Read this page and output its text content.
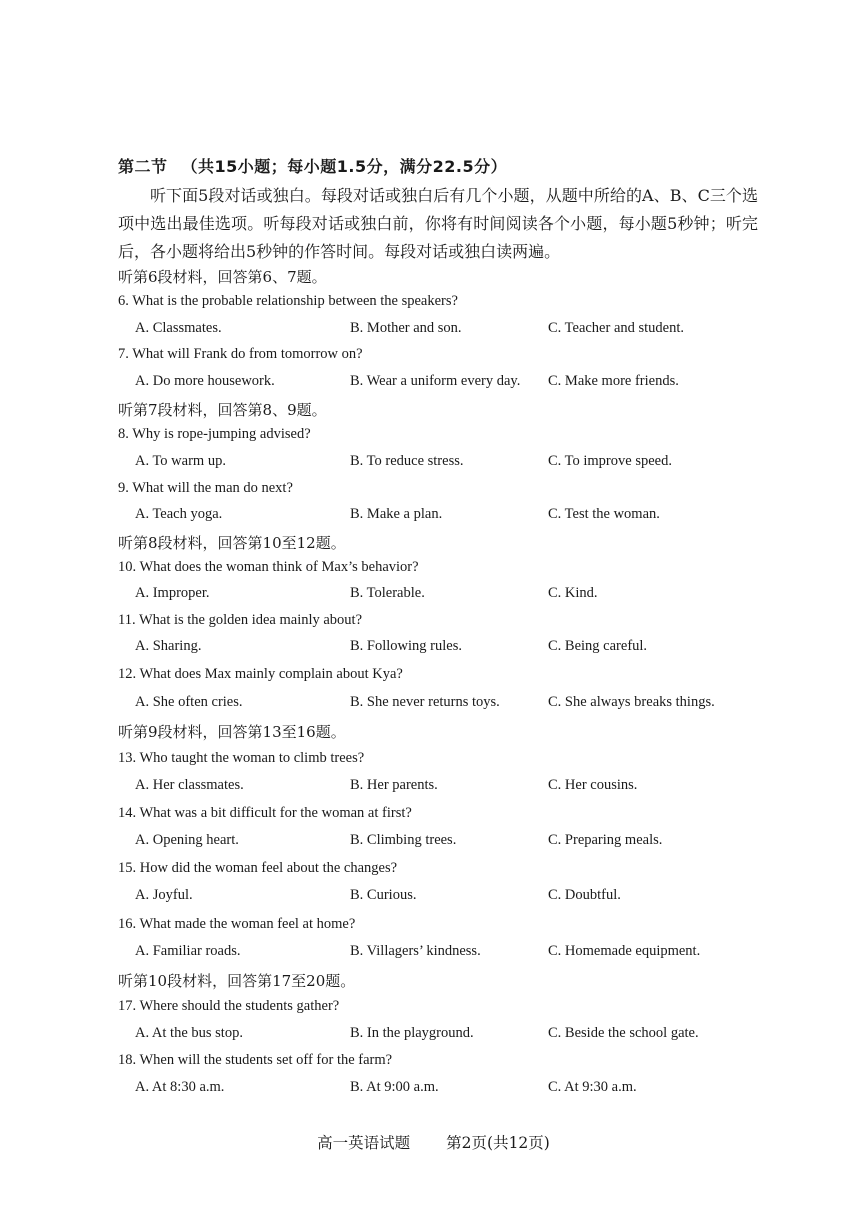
第二节 （共15小题；每小题1.5分，满分22.5分）
听下面5段对话或独白。每段对话或独白后有几个小题，从题中所给的A、B、C三个选项中选出最佳选项。听每段对话或独白前，你将有时间阅读各个小题，每小题5秒钟；听完后，各小题将给出5秒钟的作答时间。每段对话或独白读两遍。
听第6段材料，回答第6、7题。
6. What is the probable relationship between the speakers?
A. Classmates.	B. Mother and son.	C. Teacher and student.
7. What will Frank do from tomorrow on?
A. Do more housework.	B. Wear a uniform every day. C. Make more friends.
听第7段材料，回答第8、9题。
8. Why is rope-jumping advised?
A. To warm up.	B. To reduce stress.	C. To improve speed.
9. What will the man do next?
A. Teach yoga.	B. Make a plan.	C. Test the woman.
听第8段材料，回答第10至12题。
10. What does the woman think of Max’s behavior?
A. Improper.	B. Tolerable.	C. Kind.
11. What is the golden idea mainly about?
A. Sharing.	B. Following rules.	C. Being careful.
12. What does Max mainly complain about Kya?
A. She often cries.	B. She never returns toys.	C. She always breaks things.
听第9段材料，回答第13至16题。
13. Who taught the woman to climb trees?
A. Her classmates.	B. Her parents.	C. Her cousins.
14. What was a bit difficult for the woman at first?
A. Opening heart.	B. Climbing trees.	C. Preparing meals.
15. How did the woman feel about the changes?
A. Joyful.	B. Curious.	C. Doubtful.
16. What made the woman feel at home?
A. Familiar roads.	B. Villagers’ kindness.	C. Homemade equipment.
听第10段材料，回答第17至20题。
17. Where should the students gather?
A. At the bus stop.	B. In the playground.	C. Beside the school gate.
18. When will the students set off for the farm?
A. At 8:30 a.m.	B. At 9:00 a.m.	C. At 9:30 a.m.
高一英语试题 第2页(共12页)
